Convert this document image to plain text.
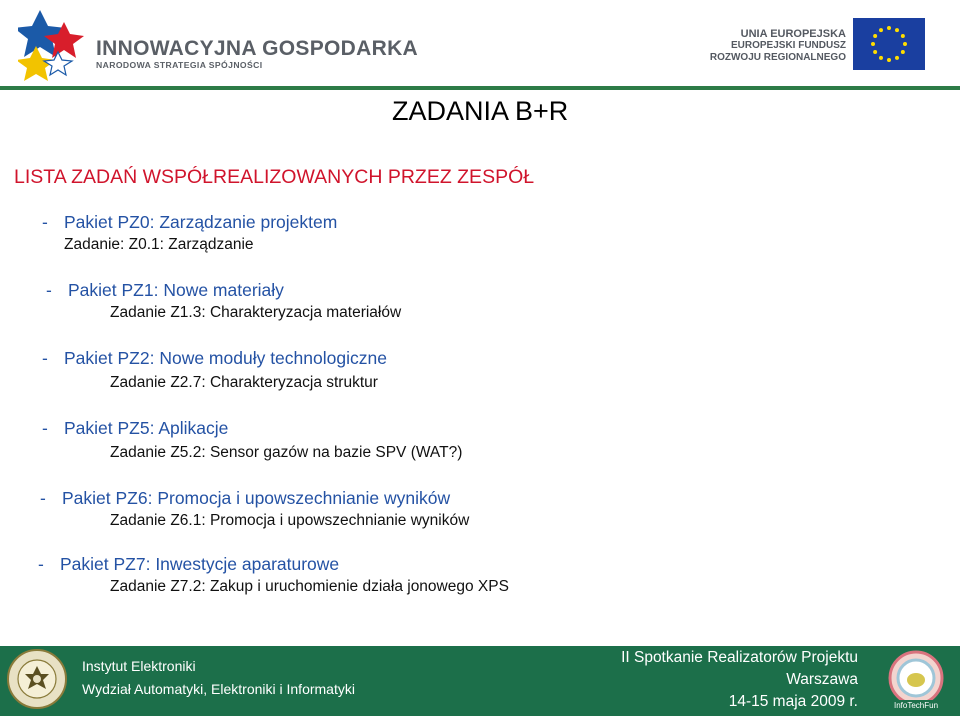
INNOWACYJNA GOSPODARKA
NARODOWA STRATEGIA SPÓJNOŚCI
UNIA EUROPEJSKA
EUROPEJSKI FUNDUSZ
ROZWOJU REGIONALNEGO
ZADANIA B+R
LISTA ZADAŃ WSPÓŁREALIZOWANYCH PRZEZ ZESPÓŁ
- Pakiet PZ0: Zarządzanie projektem
Zadanie: Z0.1: Zarządzanie
- Pakiet PZ1: Nowe materiały
Zadanie Z1.3: Charakteryzacja materiałów
- Pakiet PZ2: Nowe moduły technologiczne
Zadanie Z2.7: Charakteryzacja struktur
- Pakiet PZ5: Aplikacje
Zadanie Z5.2: Sensor gazów na bazie SPV (WAT?)
- Pakiet PZ6: Promocja i upowszechnianie wyników
Zadanie Z6.1: Promocja i upowszechnianie wyników
- Pakiet PZ7: Inwestycje aparaturowe
Zadanie Z7.2: Zakup i uruchomienie działa jonowego XPS
Instytut Elektroniki
Wydział Automatyki, Elektroniki i Informatyki
II Spotkanie Realizatorów Projektu
Warszawa
14-15 maja 2009 r.	InfoTechFun
